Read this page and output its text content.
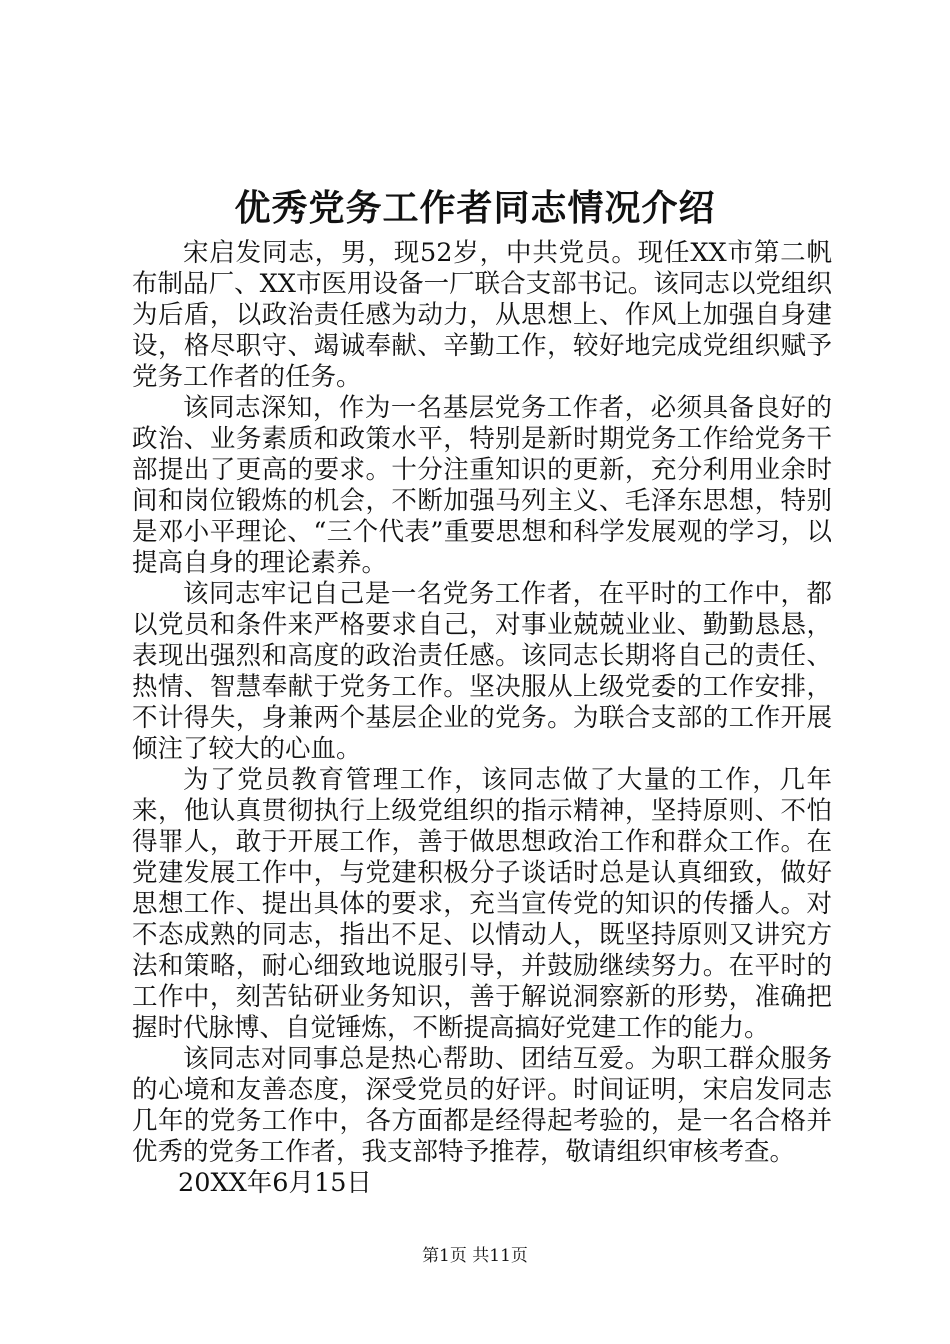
优秀党务工作者同志情况介绍

宋启发同志，男，现52岁，中共党员。现任XX市第二帆布制品厂、XX市医用设备一厂联合支部书记。该同志以党组织为后盾，以政治责任感为动力，从思想上、作风上加强自身建设，格尽职守、竭诚奉献、辛勤工作，较好地完成党组织赋予党务工作者的任务。

该同志深知，作为一名基层党务工作者，必须具备良好的政治、业务素质和政策水平，特别是新时期党务工作给党务干部提出了更高的要求。十分注重知识的更新，充分利用业余时间和岗位锻炼的机会，不断加强马列主义、毛泽东思想，特别是邓小平理论、“三个代表”重要思想和科学发展观的学习，以提高自身的理论素养。

该同志牢记自己是一名党务工作者，在平时的工作中，都以党员和条件来严格要求自己，对事业兢兢业业、勤勤恳恳，表现出强烈和高度的政治责任感。该同志长期将自己的责任、热情、智慧奉献于党务工作。坚决服从上级党委的工作安排，不计得失，身兼两个基层企业的党务。为联合支部的工作开展倾注了较大的心血。

为了党员教育管理工作，该同志做了大量的工作，几年来，他认真贯彻执行上级党组织的指示精神，坚持原则、不怕得罪人，敢于开展工作，善于做思想政治工作和群众工作。在党建发展工作中，与党建积极分子谈话时总是认真细致，做好思想工作、提出具体的要求，充当宣传党的知识的传播人。对不态成熟的同志，指出不足、以情动人，既坚持原则又讲究方法和策略，耐心细致地说服引导，并鼓励继续努力。在平时的工作中，刻苦钻研业务知识，善于解说洞察新的形势，准确把握时代脉博、自觉锤炼，不断提高搞好党建工作的能力。

该同志对同事总是热心帮助、团结互爱。为职工群众服务的心境和友善态度，深受党员的好评。时间证明，宋启发同志几年的党务工作中，各方面都是经得起考验的，是一名合格并优秀的党务工作者，我支部特予推荐，敬请组织审核考查。

20XX年6月15日

第1页 共11页
